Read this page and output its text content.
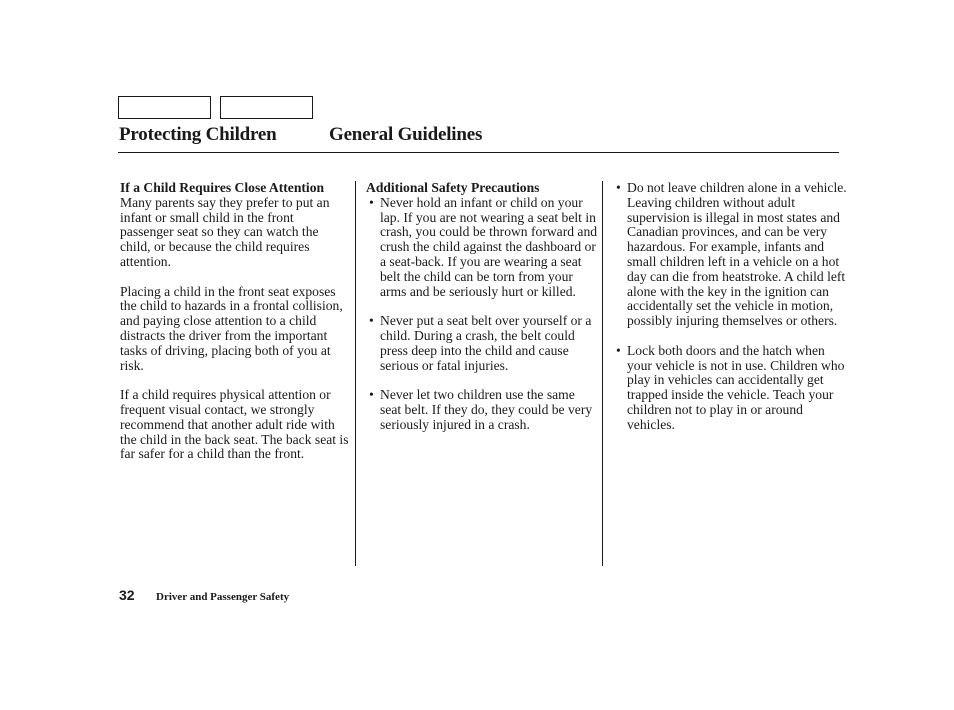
Protecting Children	General Guidelines

If a Child Requires Close Attention

Many parents say they prefer to put an infant or small child in the front passenger seat so they can watch the child, or because the child requires attention.

Placing a child in the front seat exposes the child to hazards in a frontal collision, and paying close attention to a child distracts the driver from the important tasks of driving, placing both of you at risk.

If a child requires physical attention or frequent visual contact, we strongly recommend that another adult ride with the child in the back seat. The back seat is far safer for a child than the front.

Additional Safety Precautions

• Never hold an infant or child on your lap. If you are not wearing a seat belt in crash, you could be thrown forward and crush the child against the dashboard or a seat-back. If you are wearing a seat belt the child can be torn from your arms and be seriously hurt or killed.
• Never put a seat belt over yourself or a child. During a crash, the belt could press deep into the child and cause serious or fatal injuries.
• Never let two children use the same seat belt. If they do, they could be very seriously injured in a crash.
• Do not leave children alone in a vehicle. Leaving children without adult supervision is illegal in most states and Canadian provinces, and can be very hazardous. For example, infants and small children left in a vehicle on a hot day can die from heatstroke. A child left alone with the key in the ignition can accidentally set the vehicle in motion, possibly injuring themselves or others.
• Lock both doors and the hatch when your vehicle is not in use. Children who play in vehicles can accidentally get trapped inside the vehicle. Teach your children not to play in or around vehicles.
32 Driver and Passenger Safety
